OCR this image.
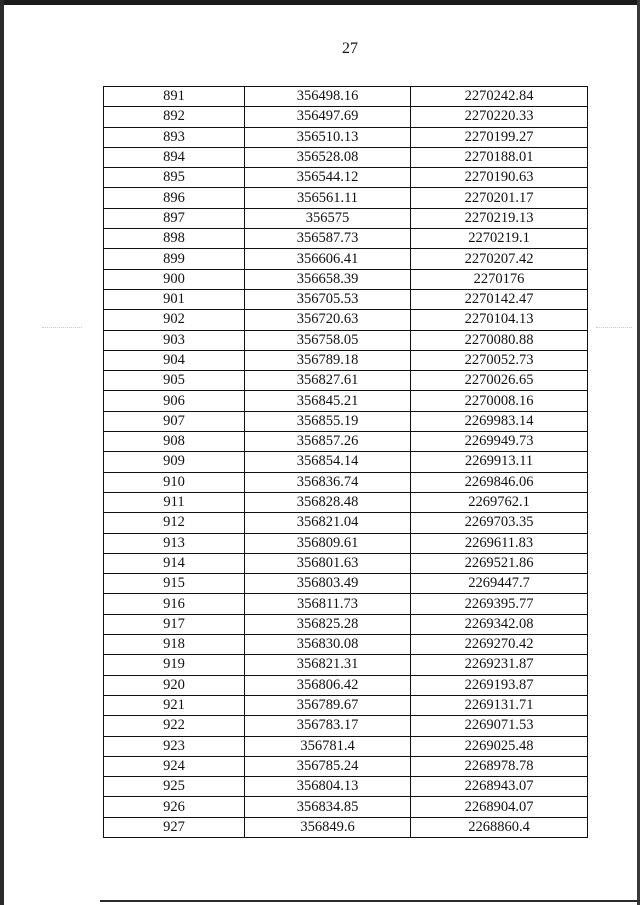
27
891	356498.16	2270242.84
892	356497.69	2270220.33
893	356510.13	2270199.27
894	356528.08	2270188.01
895	356544.12	2270190.63
896	356561.11	2270201.17
897	356575	2270219.13
898	356587.73	2270219.1
899	356606.41	2270207.42
900	356658.39	2270176
901	356705.53	2270142.47
902	356720.63	2270104.13
903	356758.05	2270080.88
904	356789.18	2270052.73
905	356827.61	2270026.65
906	356845.21	2270008.16
907	356855.19	2269983.14
908	356857.26	2269949.73
909	356854.14	2269913.11
910	356836.74	2269846.06
911	356828.48	2269762.1
912	356821.04	2269703.35
913	356809.61	2269611.83
914	356801.63	2269521.86
915	356803.49	2269447.7
916	356811.73	2269395.77
917	356825.28	2269342.08
918	356830.08	2269270.42
919	356821.31	2269231.87
920	356806.42	2269193.87
921	356789.67	2269131.71
922	356783.17	2269071.53
923	356781.4	2269025.48
924	356785.24	2268978.78
925	356804.13	2268943.07
926	356834.85	2268904.07
927	356849.6	2268860.4
